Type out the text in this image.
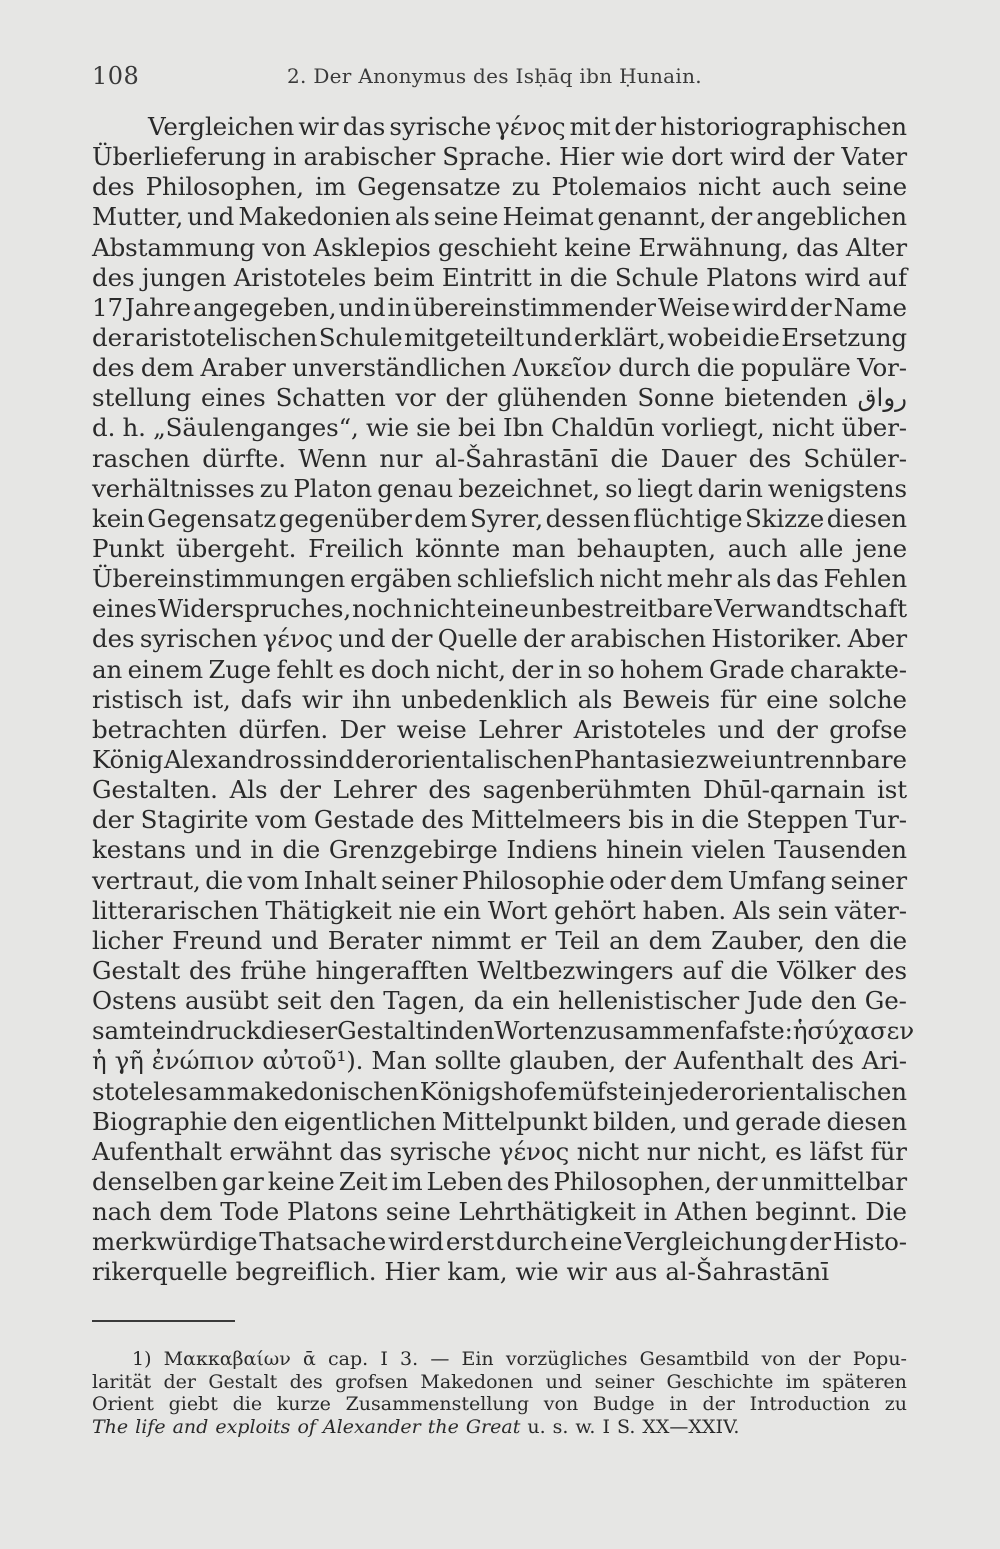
108	2. Der Anonymus des Isḥāq ibn Ḥunain.
Vergleichen wir das syrische γένος mit der historiographischen
Überlieferung in arabischer Sprache. Hier wie dort wird der Vater
des Philosophen, im Gegensatze zu Ptolemaios nicht auch seine
Mutter, und Makedonien als seine Heimat genannt, der angeblichen
Abstammung von Asklepios geschieht keine Erwähnung, das Alter
des jungen Aristoteles beim Eintritt in die Schule Platons wird auf
17 Jahre angegeben, und in übereinstimmender Weise wird der Name
der aristotelischen Schule mitgeteilt und erklärt, wobei die Ersetzung
des dem Araber unverständlichen Λυκεῖον durch die populäre Vor-
stellung eines Schatten vor der glühenden Sonne bietenden رواق
d. h. „Säulenganges“, wie sie bei Ibn Chaldūn vorliegt, nicht über-
raschen dürfte. Wenn nur al-Šahrastānī die Dauer des Schüler-
verhältnisses zu Platon genau bezeichnet, so liegt darin wenigstens
kein Gegensatz gegenüber dem Syrer, dessen flüchtige Skizze diesen
Punkt übergeht. Freilich könnte man behaupten, auch alle jene
Übereinstimmungen ergäben schliefslich nicht mehr als das Fehlen
eines Widerspruches, noch nicht eine unbestreitbare Verwandtschaft
des syrischen γένος und der Quelle der arabischen Historiker. Aber
an einem Zuge fehlt es doch nicht, der in so hohem Grade charakte-
ristisch ist, dafs wir ihn unbedenklich als Beweis für eine solche
betrachten dürfen. Der weise Lehrer Aristoteles und der grofse
König Alexandros sind der orientalischen Phantasie zwei untrennbare
Gestalten. Als der Lehrer des sagenberühmten Dhūl-qarnain ist
der Stagirite vom Gestade des Mittelmeers bis in die Steppen Tur-
kestans und in die Grenzgebirge Indiens hinein vielen Tausenden
vertraut, die vom Inhalt seiner Philosophie oder dem Umfang seiner
litterarischen Thätigkeit nie ein Wort gehört haben. Als sein väter-
licher Freund und Berater nimmt er Teil an dem Zauber, den die
Gestalt des frühe hingerafften Weltbezwingers auf die Völker des
Ostens ausübt seit den Tagen, da ein hellenistischer Jude den Ge-
samteindruck dieser Gestalt in den Worten zusammenfafste: ἡσύχασεν
ἡ γῆ ἐνώπιον αὐτοῦ¹). Man sollte glauben, der Aufenthalt des Ari-
stoteles am makedonischen Königshofe müfste in jeder orientalischen
Biographie den eigentlichen Mittelpunkt bilden, und gerade diesen
Aufenthalt erwähnt das syrische γένος nicht nur nicht, es läfst für
denselben gar keine Zeit im Leben des Philosophen, der unmittelbar
nach dem Tode Platons seine Lehrthätigkeit in Athen beginnt. Die
merkwürdige Thatsache wird erst durch eine Vergleichung der Histo-
rikerquelle begreiflich. Hier kam, wie wir aus al-Šahrastānī
1) Μακκαβαίων ᾱ cap. I 3. — Ein vorzügliches Gesamtbild von der Popu-
larität der Gestalt des grofsen Makedonen und seiner Geschichte im späteren
Orient giebt die kurze Zusammenstellung von Budge in der Introduction zu
The life and exploits of Alexander the Great u. s. w. I S. XX—XXIV.
